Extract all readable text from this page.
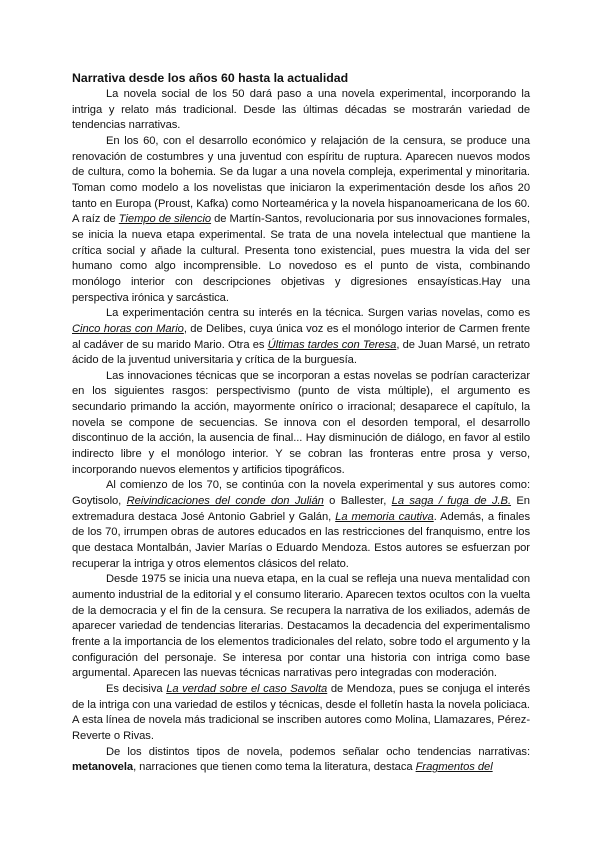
Narrativa desde los años 60 hasta la actualidad

La novela social de los 50 dará paso a una novela experimental, incorporando la intriga y relato más tradicional. Desde las últimas décadas se mostrarán variedad de tendencias narrativas.

En los 60, con el desarrollo económico y relajación de la censura, se produce una renovación de costumbres y una juventud con espíritu de ruptura. Aparecen nuevos modos de cultura, como la bohemia. Se da lugar a una novela compleja, experimental y minoritaria. Toman como modelo a los novelistas que iniciaron la experimentación desde los años 20 tanto en Europa (Proust, Kafka) como Norteamérica y la novela hispanoamericana de los 60. A raíz de Tiempo de silencio de Martín-Santos, revolucionaria por sus innovaciones formales, se inicia la nueva etapa experimental. Se trata de una novela intelectual que mantiene la crítica social y añade la cultural. Presenta tono existencial, pues muestra la vida del ser humano como algo incomprensible. Lo novedoso es el punto de vista, combinando monólogo interior con descripciones objetivas y digresiones ensayísticas.Hay una perspectiva irónica y sarcástica.

La experimentación centra su interés en la técnica. Surgen varias novelas, como es Cinco horas con Mario, de Delibes, cuya única voz es el monólogo interior de Carmen frente al cadáver de su marido Mario. Otra es Últimas tardes con Teresa, de Juan Marsé, un retrato ácido de la juventud universitaria y crítica de la burguesía.

Las innovaciones técnicas que se incorporan a estas novelas se podrían caracterizar en los siguientes rasgos: perspectivismo (punto de vista múltiple), el argumento es secundario primando la acción, mayormente onírico o irracional; desaparece el capítulo, la novela se compone de secuencias. Se innova con el desorden temporal, el desarrollo discontinuo de la acción, la ausencia de final... Hay disminución de diálogo, en favor al estilo indirecto libre y el monólogo interior. Y se cobran las fronteras entre prosa y verso, incorporando nuevos elementos y artificios tipográficos.

Al comienzo de los 70, se continúa con la novela experimental y sus autores como: Goytisolo, Reivindicaciones del conde don Julián o Ballester, La saga / fuga de J.B. En extremadura destaca José Antonio Gabriel y Galán, La memoria cautiva. Además, a finales de los 70, irrumpen obras de autores educados en las restricciones del franquismo, entre los que destaca Montalbán, Javier Marías o Eduardo Mendoza. Estos autores se esfuerzan por recuperar la intriga y otros elementos clásicos del relato.

Desde 1975 se inicia una nueva etapa, en la cual se refleja una nueva mentalidad con aumento industrial de la editorial y el consumo literario. Aparecen textos ocultos con la vuelta de la democracia y el fin de la censura. Se recupera la narrativa de los exiliados, además de aparecer variedad de tendencias literarias. Destacamos la decadencia del experimentalismo frente a la importancia de los elementos tradicionales del relato, sobre todo el argumento y la configuración del personaje. Se interesa por contar una historia con intriga como base argumental. Aparecen las nuevas técnicas narrativas pero integradas con moderación.

Es decisiva La verdad sobre el caso Savolta de Mendoza, pues se conjuga el interés de la intriga con una variedad de estilos y técnicas, desde el folletín hasta la novela policiaca. A esta línea de novela más tradicional se inscriben autores como Molina, Llamazares, Pérez-Reverte o Rivas.

De los distintos tipos de novela, podemos señalar ocho tendencias narrativas: metanovela, narraciones que tienen como tema la literatura, destaca Fragmentos del
